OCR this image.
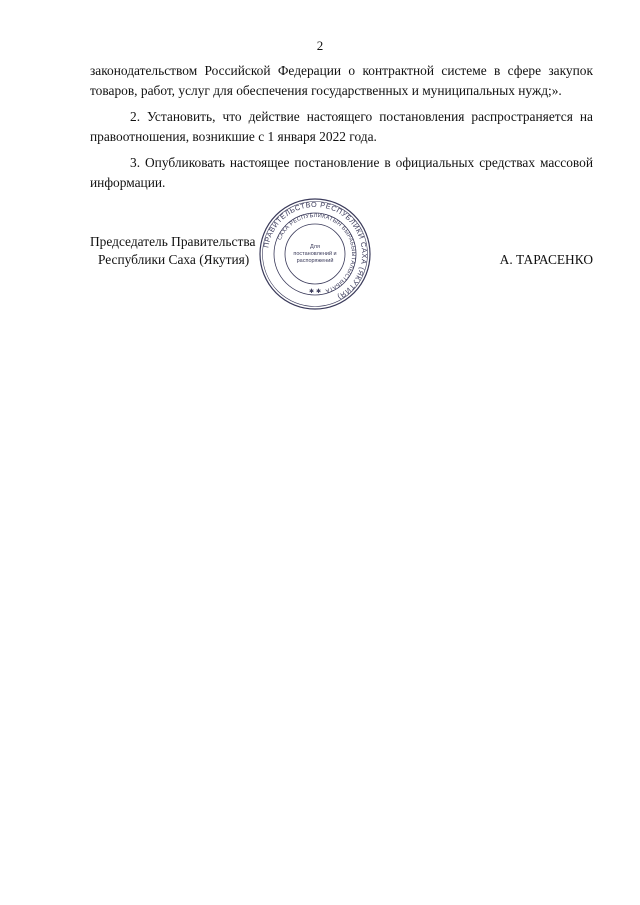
2

законодательством Российской Федерации о контрактной системе в сфере закупок товаров, работ, услуг для обеспечения государственных и муниципальных нужд;».

2. Установить, что действие настоящего постановления распространяется на правоотношения, возникшие с 1 января 2022 года.

3. Опубликовать настоящее постановление в официальных средствах массовой информации.

Председатель Правительства
Республики Саха (Якутия)	А. ТАРАСЕНКО
ПРАВИТЕЛЬСТВО РЕСПУБЛИКИ САХА (ЯКУТИЯ)
САХА РЕСПУБЛИКАТЫН БЫРАБЫЫТАЛЫСТЫБАТА
Для
постановлений и
распоряжений
✱ ✱
